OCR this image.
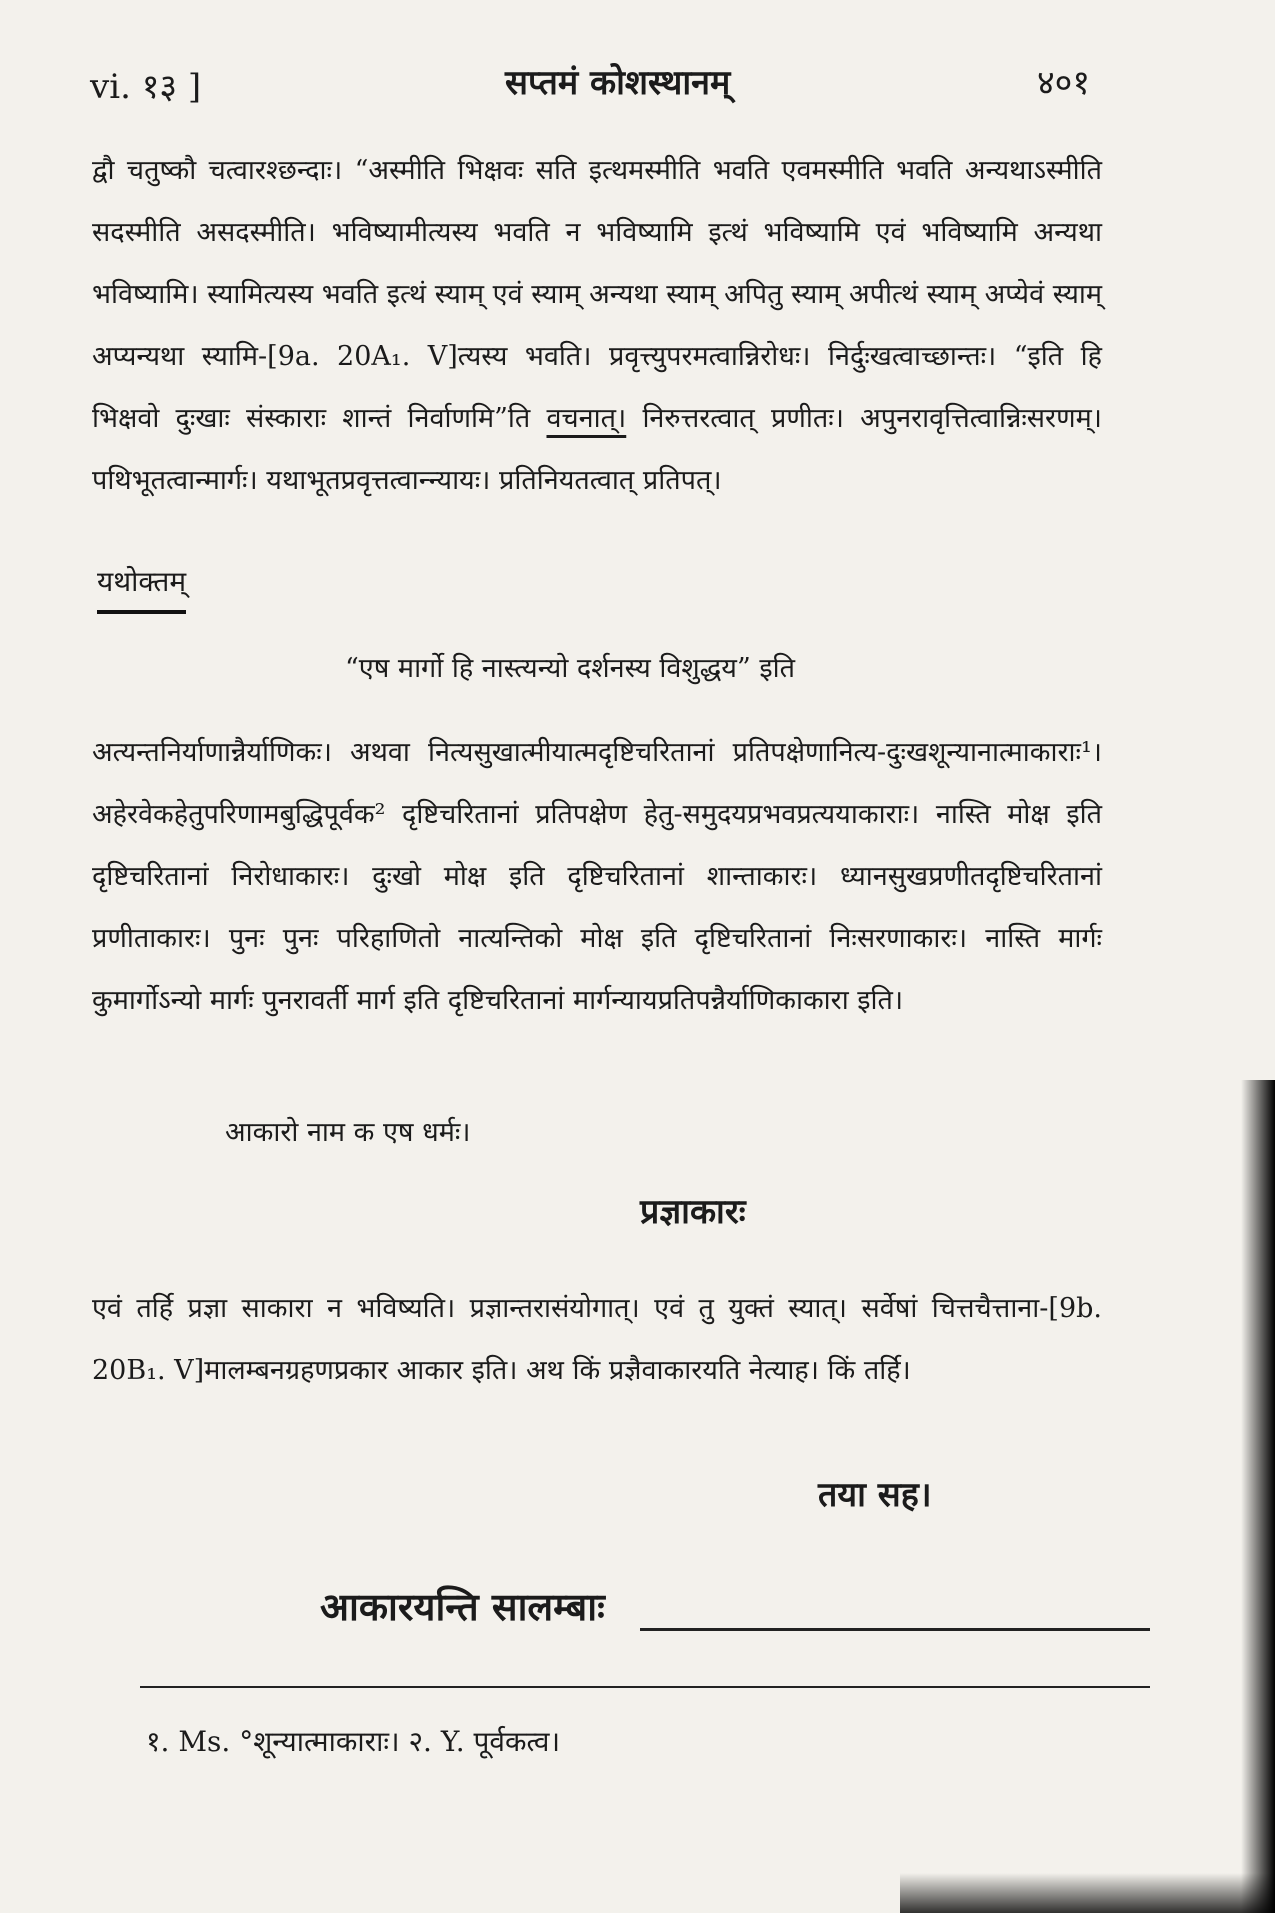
vi. १३ ]	सप्तमं कोशस्थानम्	४०१
द्वौ चतुष्कौ चत्वारश्छन्दाः। “अस्मीति भिक्षवः सति इत्थमस्मीति भवति एवमस्मीति भवति अन्यथाऽस्मीति सदस्मीति असदस्मीति। भविष्यामीत्यस्य भवति न भविष्यामि इत्थं भविष्यामि एवं भविष्यामि अन्यथा भविष्यामि। स्यामित्यस्य भवति इत्थं स्याम् एवं स्याम् अन्यथा स्याम् अपितु स्याम् अपीत्थं स्याम् अप्येवं स्याम् अप्यन्यथा स्यामि-[9a. 20A₁. V]त्यस्य भवति। प्रवृत्त्युपरमत्वान्निरोधः। निर्दुःखत्वाच्छान्तः। “इति हि भिक्षवो दुःखाः संस्काराः शान्तं निर्वाणमि”ति वचनात्। निरुत्तरत्वात् प्रणीतः। अपुनरावृत्तित्वान्निःसरणम्। पथिभूतत्वान्मार्गः। यथाभूतप्रवृत्तत्वान्न्यायः। प्रतिनियतत्वात् प्रतिपत्।
यथोक्तम्
“एष मार्गो हि नास्त्यन्यो दर्शनस्य विशुद्धय” इति
अत्यन्तनिर्याणान्नैर्याणिकः। अथवा नित्यसुखात्मीयात्मदृष्टिचरितानां प्रतिपक्षेणानित्य-दुःखशून्यानात्माकाराः¹। अहेरवेकहेतुपरिणामबुद्धिपूर्वक² दृष्टिचरितानां प्रतिपक्षेण हेतु-समुदयप्रभवप्रत्ययाकाराः। नास्ति मोक्ष इति दृष्टिचरितानां निरोधाकारः। दुःखो मोक्ष इति दृष्टिचरितानां शान्ताकारः। ध्यानसुखप्रणीतदृष्टिचरितानां प्रणीताकारः। पुनः पुनः परिहाणितो नात्यन्तिको मोक्ष इति दृष्टिचरितानां निःसरणाकारः। नास्ति मार्गः कुमार्गोऽन्यो मार्गः पुनरावर्ती मार्ग इति दृष्टिचरितानां मार्गन्यायप्रतिपन्नैर्याणिकाकारा इति।
आकारो नाम क एष धर्मः।
प्रज्ञाकारः
एवं तर्हि प्रज्ञा साकारा न भविष्यति। प्रज्ञान्तरासंयोगात्। एवं तु युक्तं स्यात्। सर्वेषां चित्तचैत्ताना-[9b. 20B₁. V]मालम्बनग्रहणप्रकार आकार इति। अथ किं प्रज्ञैवाकारयति नेत्याह। किं तर्हि।
तया सह।
आकारयन्ति सालम्बाः
१. Ms. °शून्यात्माकाराः। २. Y. पूर्वकत्व।
